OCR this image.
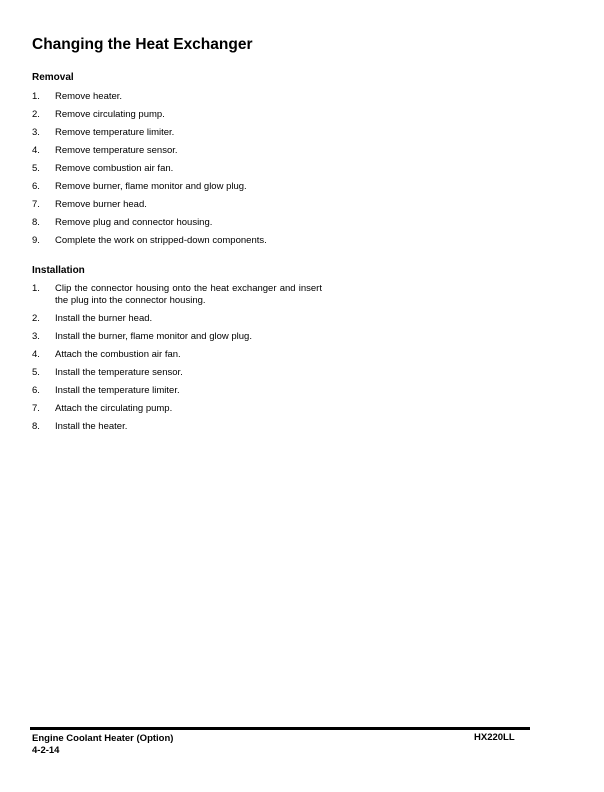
Changing the Heat Exchanger
Removal
1. Remove heater.
2. Remove circulating pump.
3. Remove temperature limiter.
4. Remove temperature sensor.
5. Remove combustion air fan.
6. Remove burner, flame monitor and glow plug.
7. Remove burner head.
8. Remove plug and connector housing.
9. Complete the work on stripped-down components.
Installation
1. Clip the connector housing onto the heat exchanger and insert the plug into the connector housing.
2. Install the burner head.
3. Install the burner, flame monitor and glow plug.
4. Attach the combustion air fan.
5. Install the temperature sensor.
6. Install the temperature limiter.
7. Attach the circulating pump.
8. Install the heater.
Engine Coolant Heater (Option)
4-2-14
HX220LL
